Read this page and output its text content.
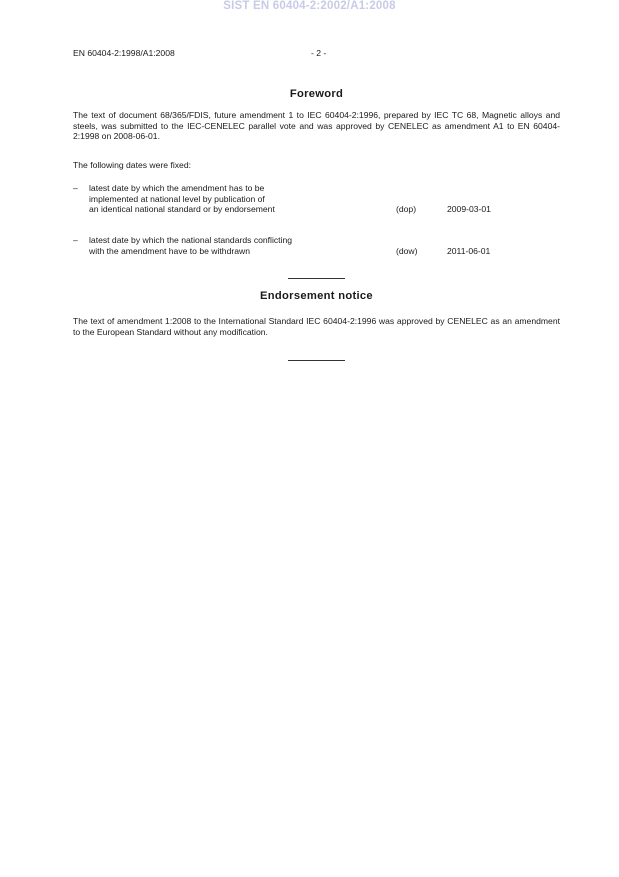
SIST EN 60404-2:2002/A1:2008
EN 60404-2:1998/A1:2008	- 2 -
Foreword
The text of document 68/365/FDIS, future amendment 1 to IEC 60404-2:1996, prepared by IEC TC 68, Magnetic alloys and steels, was submitted to the IEC-CENELEC parallel vote and was approved by CENELEC as amendment A1 to EN 60404-2:1998 on 2008-06-01.
The following dates were fixed:
– latest date by which the amendment has to be
implemented at national level by publication of
an identical national standard or by endorsement	(dop)	2009-03-01
– latest date by which the national standards conflicting
with the amendment have to be withdrawn	(dow)	2011-06-01
Endorsement notice
The text of amendment 1:2008 to the International Standard IEC 60404-2:1996 was approved by CENELEC as an amendment to the European Standard without any modification.
